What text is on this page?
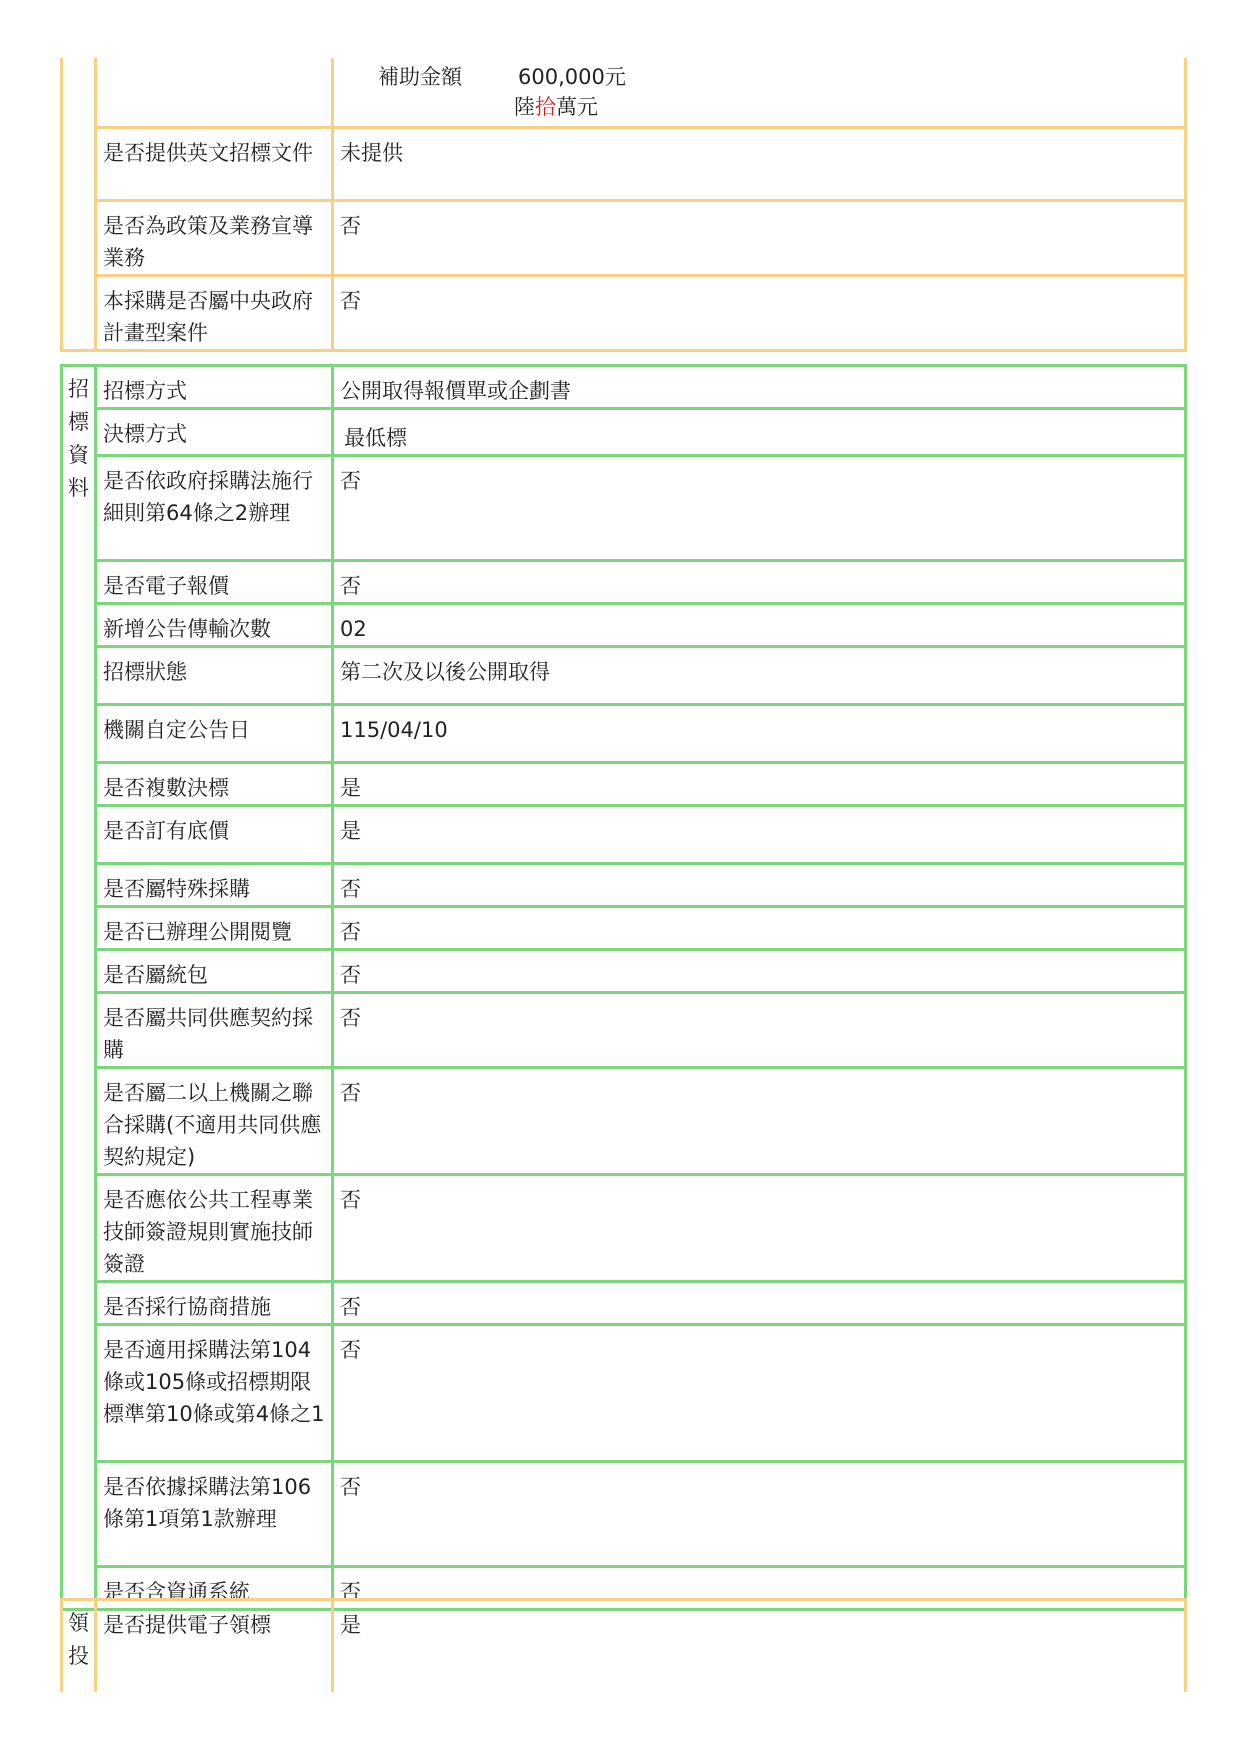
		補助金額 600,000元
陸拾萬元

	是否提供英文招標文件	未提供
	是否為政策及業務宣導業務	否
	本採購是否屬中央政府計畫型案件	否
招
標
資
料	招標方式	公開取得報價單或企劃書
	決標方式	最低標
	是否依政府採購法施行細則第64條之2辦理	否
	是否電子報價	否
	新增公告傳輸次數	02
	招標狀態	第二次及以後公開取得
	機關自定公告日	115/04/10
	是否複數決標	是
	是否訂有底價	是
	是否屬特殊採購	否
	是否已辦理公開閱覽	否
	是否屬統包	否
	是否屬共同供應契約採購	否
	是否屬二以上機關之聯合採購(不適用共同供應契約規定)	否
	是否應依公共工程專業技師簽證規則實施技師簽證	否
	是否採行協商措施	否
	是否適用採購法第104條或105條或招標期限標準第10條或第4條之1	否
	是否依據採購法第106條第1項第1款辦理	否
	是否含資通系統	否
領
投
	是否提供電子領標	是
